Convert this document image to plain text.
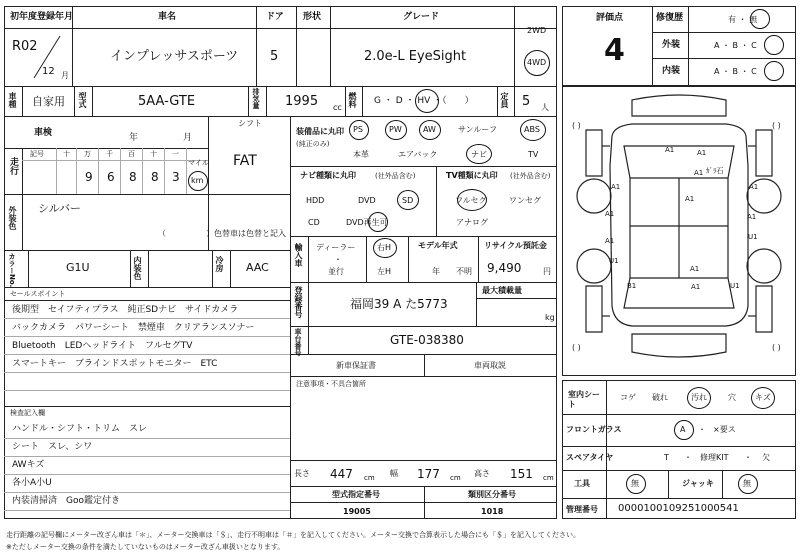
初年度登録年月
R02
12 月
車名
インプレッサスポーツ
ドア
5
形状	グレード
2.0e-L EyeSight
2WD
4WD
車種 自家用 型式	5AA-GTE	排気量 1995 cc 燃料 G ・ D ・ HV ・（　　）	定員 5 人
車検	年	月
走行
記号	十 万 千 百 十 一
マイル
9 6 8 8 3 km
シフト
FAT
外装色 シルバー
（　　　　　）色替車は色替と記入
カラーNo.	G1U	内装色	冷房 AAC
装備品に丸印
(純正のみ)
PS	PW	AW	サンルーフ	ABS
本革	エアバック	ナビ	TV
ナビ種類に丸印	(社外品含む)
HDD	DVD	SD
CD	DVD再生可
TV種類に丸印 (社外品含む)
フルセグ	ワンセグ
アナログ
輸入車 ディーラー
・
並行
右H
左H
モデル年式
年 不明
リサイクル預託金
9,490	円
登録番号	福岡39 A た5773
最大積載量
kg
車台番号	GTE-038380
新車保証書	車両取説
注意事項・不具合箇所
セールスポイント
後期型　セイフティプラス　純正SDナビ　サイドカメラ
バックカメラ　パワーシート　禁煙車　クリアランスソナー
Bluetooth　LEDヘッドライト　フルセグTV
スマートキー　ブラインドスポットモニター　ETC
検査記入欄
ハンドル・シフト・トリム　スレ
シート　スレ、シワ
AWキズ
各小A小U
内装清掃済　Goo鑑定付き
長さ 447 cm 幅 177 cm 高さ 151 cm
型式指定番号
19005
類別区分番号
1018
評価点
4
修復歴	有 ・ 無
外装	A ・ B ・ C
内装	A ・ B ・ C
( )	( )
( )	( )
A1	A1
A1
A1
A1
A1
A1	A1
U1
A1
U1
A1
B1	A1	U1
ｶﾞﾗ石
室内シート
コゲ 破れ	汚れ	穴 キズ
フロントガラス	A ・ ×要ス
スペアタイヤ	T ・ 修理KIT ・ 欠
工具	無	ジャッキ	無
管理番号 0000100109251000541
走行距離の記号欄にメーター改ざん車は「＊」、メーター交換車は「＄」、走行不明車は「＃」を記入してください。メーター交換で合算表示した場合にも「＄」を記入してください。
※ただしメーター交換の条件を満たしていないものはメーター改ざん車扱いとなります。
